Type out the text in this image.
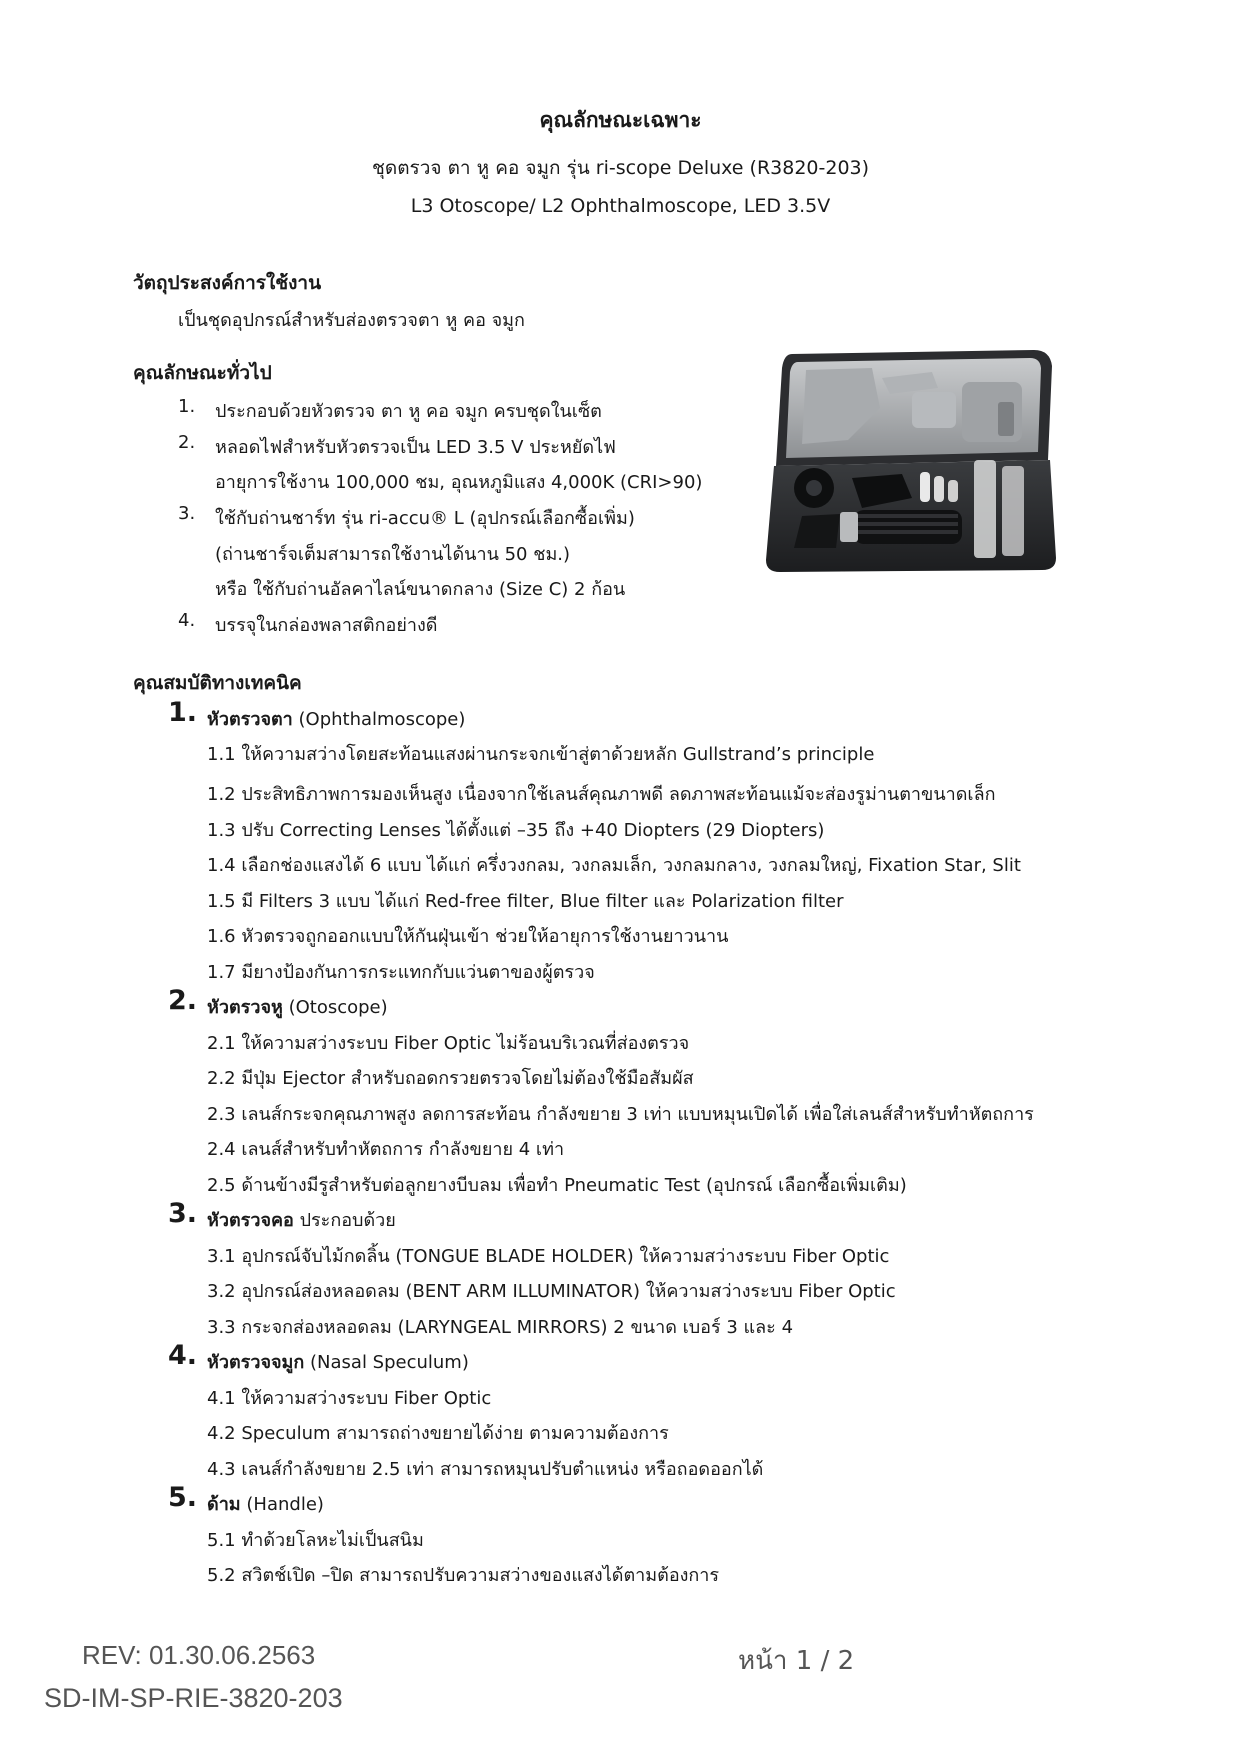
คุณลักษณะเฉพาะ
ชุดตรวจ ตา หู คอ จมูก รุ่น ri-scope Deluxe (R3820-203)
L3 Otoscope/ L2 Ophthalmoscope, LED 3.5V
วัตถุประสงค์การใช้งาน
เป็นชุดอุปกรณ์สำหรับส่องตรวจตา หู คอ จมูก
คุณลักษณะทั่วไป
1. ประกอบด้วยหัวตรวจ ตา หู คอ จมูก ครบชุดในเซ็ต
2. หลอดไฟสำหรับหัวตรวจเป็น LED 3.5 V ประหยัดไฟ
อายุการใช้งาน 100,000 ชม, อุณหภูมิแสง 4,000K (CRI>90)
3. ใช้กับถ่านชาร์ท รุ่น ri-accu® L (อุปกรณ์เลือกซื้อเพิ่ม)
(ถ่านชาร์จเต็มสามารถใช้งานได้นาน 50 ชม.)
หรือ ใช้กับถ่านอัลคาไลน์ขนาดกลาง (Size C) 2 ก้อน
4. บรรจุในกล่องพลาสติกอย่างดี
คุณสมบัติทางเทคนิค
1. หัวตรวจตา (Ophthalmoscope)
1.1 ให้ความสว่างโดยสะท้อนแสงผ่านกระจกเข้าสู่ตาด้วยหลัก Gullstrand’s principle
1.2 ประสิทธิภาพการมองเห็นสูง เนื่องจากใช้เลนส์คุณภาพดี ลดภาพสะท้อนแม้จะส่องรูม่านตาขนาดเล็ก
1.3 ปรับ Correcting Lenses ได้ตั้งแต่ –35 ถึง +40 Diopters (29 Diopters)
1.4 เลือกช่องแสงได้ 6 แบบ ได้แก่ ครึ่งวงกลม, วงกลมเล็ก, วงกลมกลาง, วงกลมใหญ่, Fixation Star, Slit
1.5 มี Filters 3 แบบ ได้แก่ Red-free filter, Blue filter และ Polarization filter
1.6 หัวตรวจถูกออกแบบให้กันฝุ่นเข้า ช่วยให้อายุการใช้งานยาวนาน
1.7 มียางป้องกันการกระแทกกับแว่นตาของผู้ตรวจ
2. หัวตรวจหู (Otoscope)
2.1 ให้ความสว่างระบบ Fiber Optic ไม่ร้อนบริเวณที่ส่องตรวจ
2.2 มีปุ่ม Ejector สำหรับถอดกรวยตรวจโดยไม่ต้องใช้มือสัมผัส
2.3 เลนส์กระจกคุณภาพสูง ลดการสะท้อน กำลังขยาย 3 เท่า แบบหมุนเปิดได้ เพื่อใส่เลนส์สำหรับทำหัตถการ
2.4 เลนส์สำหรับทำหัตถการ กำลังขยาย 4 เท่า
2.5 ด้านข้างมีรูสำหรับต่อลูกยางบีบลม เพื่อทำ Pneumatic Test (อุปกรณ์ เลือกซื้อเพิ่มเติม)
3. หัวตรวจคอ ประกอบด้วย
3.1 อุปกรณ์จับไม้กดลิ้น (TONGUE BLADE HOLDER) ให้ความสว่างระบบ Fiber Optic
3.2 อุปกรณ์ส่องหลอดลม (BENT ARM ILLUMINATOR) ให้ความสว่างระบบ Fiber Optic
3.3 กระจกส่องหลอดลม (LARYNGEAL MIRRORS) 2 ขนาด เบอร์ 3 และ 4
4. หัวตรวจจมูก (Nasal Speculum)
4.1 ให้ความสว่างระบบ Fiber Optic
4.2 Speculum สามารถถ่างขยายได้ง่าย ตามความต้องการ
4.3 เลนส์กำลังขยาย 2.5 เท่า สามารถหมุนปรับตำแหน่ง หรือถอดออกได้
5. ด้าม (Handle)
5.1 ทำด้วยโลหะไม่เป็นสนิม
5.2 สวิตช์เปิด –ปิด สามารถปรับความสว่างของแสงได้ตามต้องการ
REV: 01.30.06.2563	หน้า 1 / 2
SD-IM-SP-RIE-3820-203
